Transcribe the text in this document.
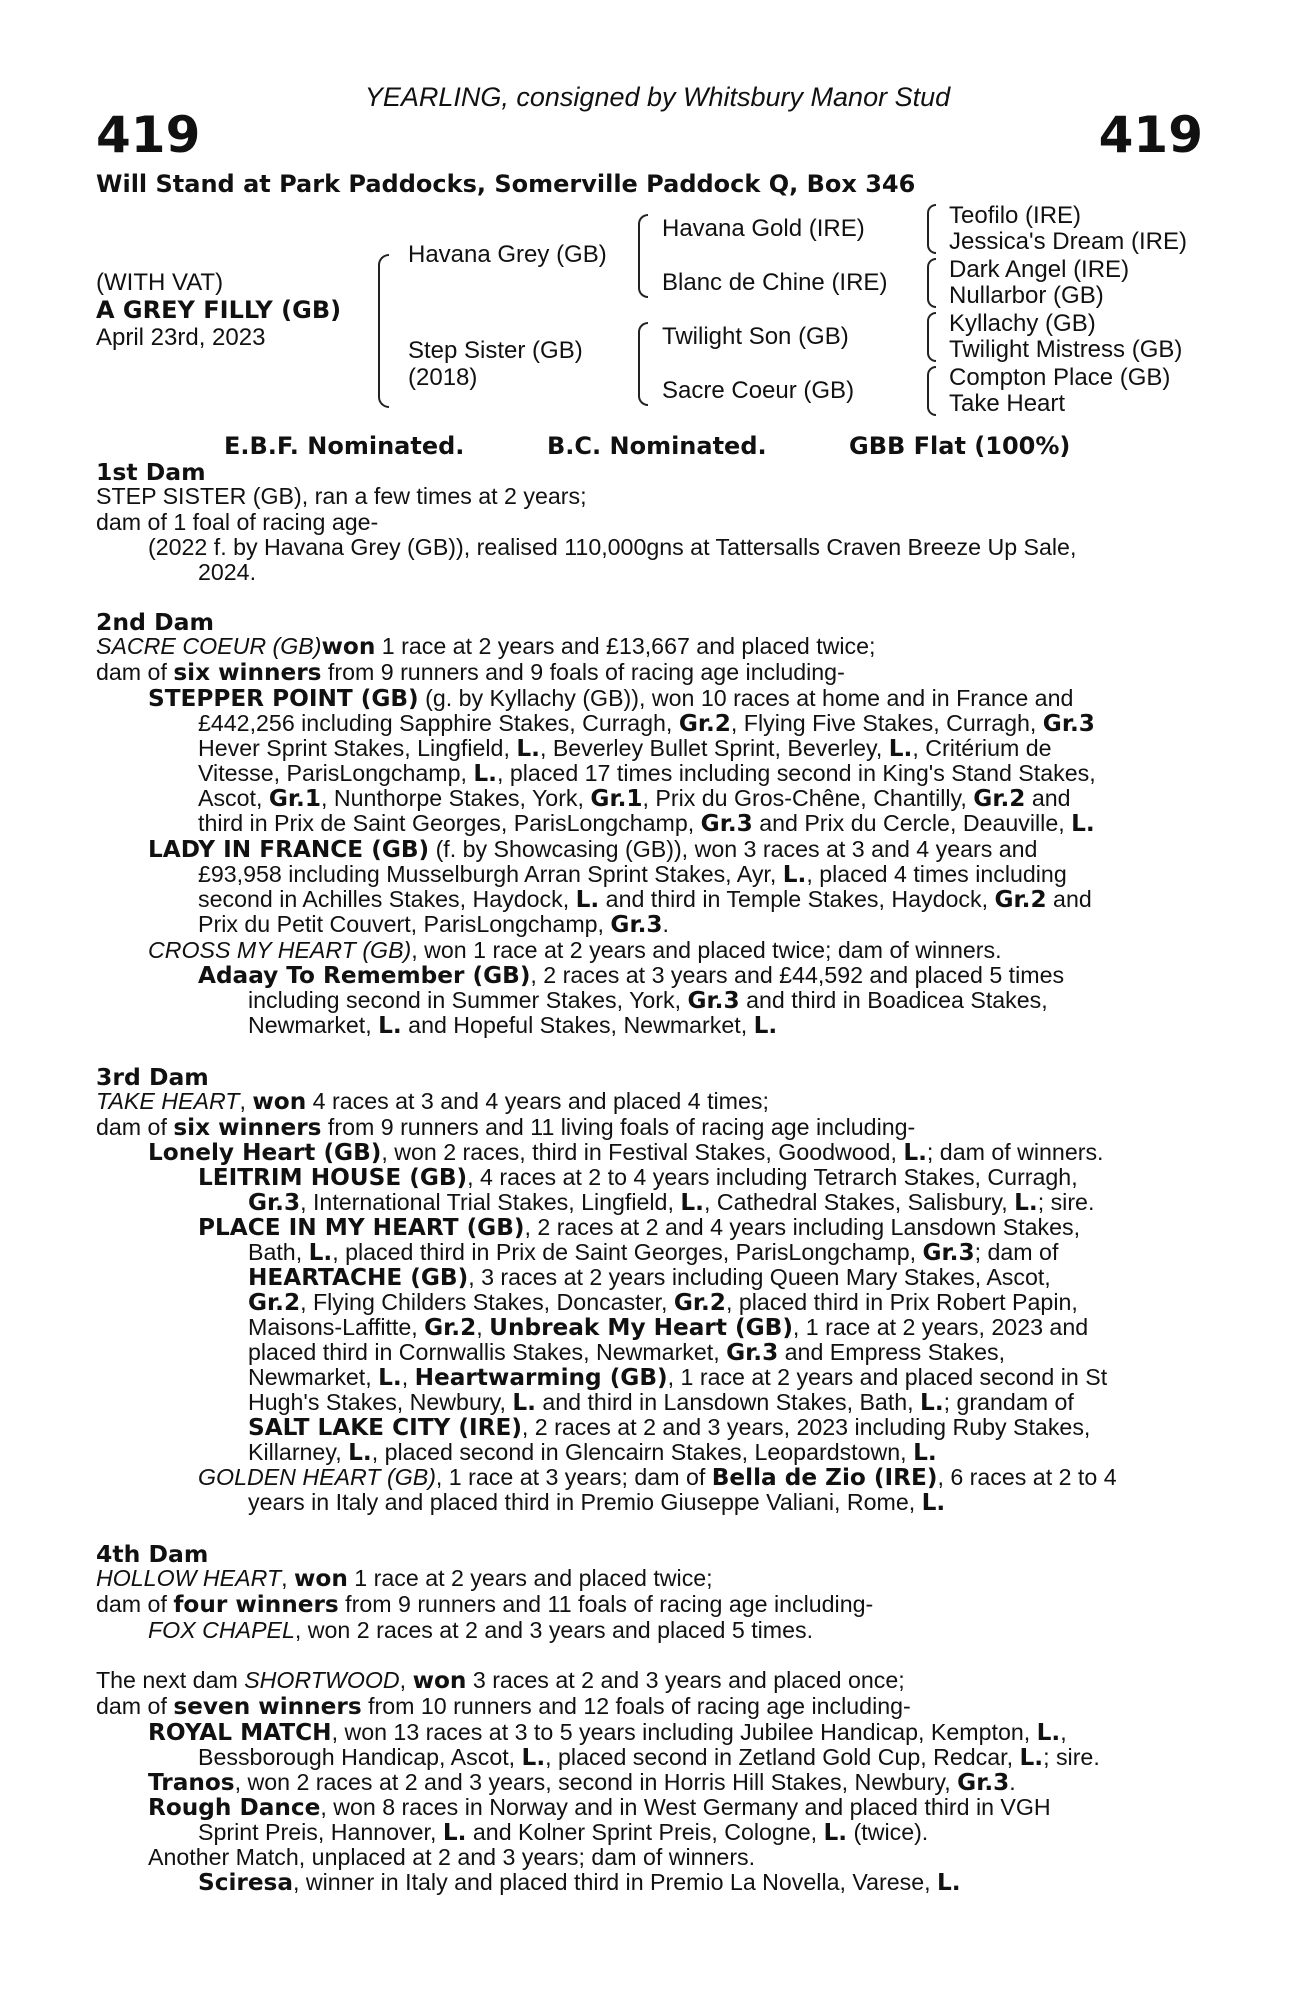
YEARLING, consigned by Whitsbury Manor Stud
419	419
Will Stand at Park Paddocks, Somerville Paddock Q, Box 346
(WITH VAT)
A GREY FILLY (GB)
April 23rd, 2023
Havana Grey (GB)
Step Sister (GB)
(2018)
Havana Gold (IRE)
Blanc de Chine (IRE)
Twilight Son (GB)
Sacre Coeur (GB)
Teofilo (IRE)
Jessica's Dream (IRE)
Dark Angel (IRE)
Nullarbor (GB)
Kyllachy (GB)
Twilight Mistress (GB)
Compton Place (GB)
Take Heart
E.B.F. Nominated.	B.C. Nominated.	GBB Flat (100%)
1st Dam
STEP SISTER (GB), ran a few times at 2 years;
dam of 1 foal of racing age-
(2022 f. by Havana Grey (GB)), realised 110,000gns at Tattersalls Craven Breeze Up Sale,
2024.
2nd Dam
SACRE COEUR (GB)won 1 race at 2 years and £13,667 and placed twice;
dam of six winners from 9 runners and 9 foals of racing age including-
STEPPER POINT (GB) (g. by Kyllachy (GB)), won 10 races at home and in France and
£442,256 including Sapphire Stakes, Curragh, Gr.2, Flying Five Stakes, Curragh, Gr.3
Hever Sprint Stakes, Lingfield, L., Beverley Bullet Sprint, Beverley, L., Critérium de
Vitesse, ParisLongchamp, L., placed 17 times including second in King's Stand Stakes,
Ascot, Gr.1, Nunthorpe Stakes, York, Gr.1, Prix du Gros-Chêne, Chantilly, Gr.2 and
third in Prix de Saint Georges, ParisLongchamp, Gr.3 and Prix du Cercle, Deauville, L.
LADY IN FRANCE (GB) (f. by Showcasing (GB)), won 3 races at 3 and 4 years and
£93,958 including Musselburgh Arran Sprint Stakes, Ayr, L., placed 4 times including
second in Achilles Stakes, Haydock, L. and third in Temple Stakes, Haydock, Gr.2 and
Prix du Petit Couvert, ParisLongchamp, Gr.3.
CROSS MY HEART (GB), won 1 race at 2 years and placed twice; dam of winners.
Adaay To Remember (GB), 2 races at 3 years and £44,592 and placed 5 times
including second in Summer Stakes, York, Gr.3 and third in Boadicea Stakes,
Newmarket, L. and Hopeful Stakes, Newmarket, L.
3rd Dam
TAKE HEART, won 4 races at 3 and 4 years and placed 4 times;
dam of six winners from 9 runners and 11 living foals of racing age including-
Lonely Heart (GB), won 2 races, third in Festival Stakes, Goodwood, L.; dam of winners.
LEITRIM HOUSE (GB), 4 races at 2 to 4 years including Tetrarch Stakes, Curragh,
Gr.3, International Trial Stakes, Lingfield, L., Cathedral Stakes, Salisbury, L.; sire.
PLACE IN MY HEART (GB), 2 races at 2 and 4 years including Lansdown Stakes,
Bath, L., placed third in Prix de Saint Georges, ParisLongchamp, Gr.3; dam of
HEARTACHE (GB), 3 races at 2 years including Queen Mary Stakes, Ascot,
Gr.2, Flying Childers Stakes, Doncaster, Gr.2, placed third in Prix Robert Papin,
Maisons-Laffitte, Gr.2, Unbreak My Heart (GB), 1 race at 2 years, 2023 and
placed third in Cornwallis Stakes, Newmarket, Gr.3 and Empress Stakes,
Newmarket, L., Heartwarming (GB), 1 race at 2 years and placed second in St
Hugh's Stakes, Newbury, L. and third in Lansdown Stakes, Bath, L.; grandam of
SALT LAKE CITY (IRE), 2 races at 2 and 3 years, 2023 including Ruby Stakes,
Killarney, L., placed second in Glencairn Stakes, Leopardstown, L.
GOLDEN HEART (GB), 1 race at 3 years; dam of Bella de Zio (IRE), 6 races at 2 to 4
years in Italy and placed third in Premio Giuseppe Valiani, Rome, L.
4th Dam
HOLLOW HEART, won 1 race at 2 years and placed twice;
dam of four winners from 9 runners and 11 foals of racing age including-
FOX CHAPEL, won 2 races at 2 and 3 years and placed 5 times.
The next dam SHORTWOOD, won 3 races at 2 and 3 years and placed once;
dam of seven winners from 10 runners and 12 foals of racing age including-
ROYAL MATCH, won 13 races at 3 to 5 years including Jubilee Handicap, Kempton, L.,
Bessborough Handicap, Ascot, L., placed second in Zetland Gold Cup, Redcar, L.; sire.
Tranos, won 2 races at 2 and 3 years, second in Horris Hill Stakes, Newbury, Gr.3.
Rough Dance, won 8 races in Norway and in West Germany and placed third in VGH
Sprint Preis, Hannover, L. and Kolner Sprint Preis, Cologne, L. (twice).
Another Match, unplaced at 2 and 3 years; dam of winners.
Sciresa, winner in Italy and placed third in Premio La Novella, Varese, L.
